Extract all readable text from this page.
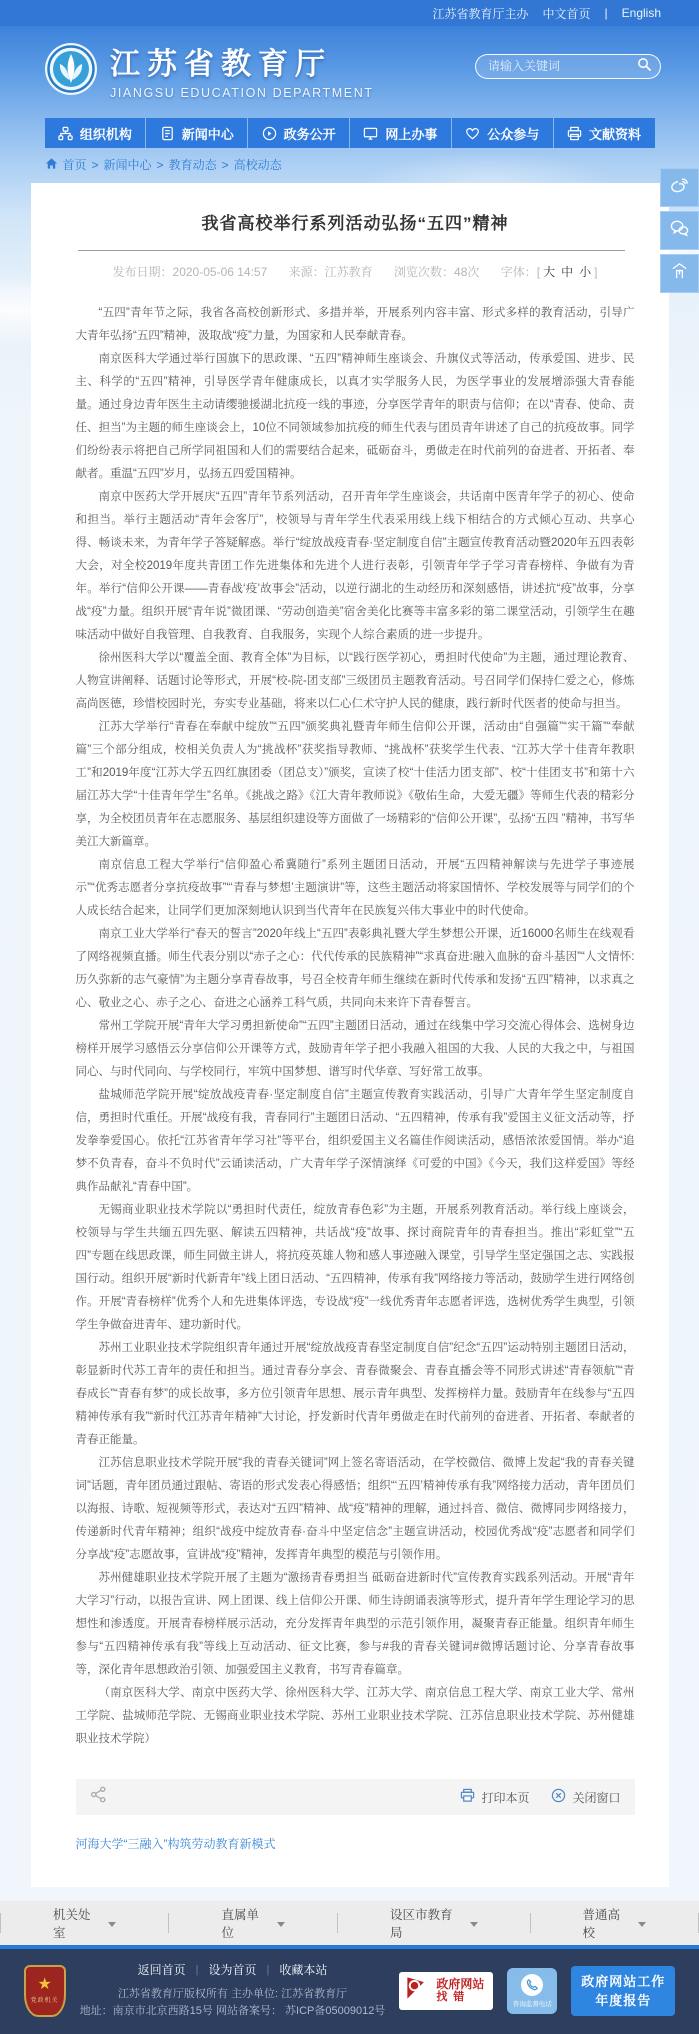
江苏省教育厅主办 中文首页 | English
江苏省教育厅
JIANGSU EDUCATION DEPARTMENT
请输入关键词
组织机构	新闻中心	政务公开	网上办事	公众参与	文献资料
首页 > 新闻中心 > 教育动态 > 高校动态
我省高校举行系列活动弘扬“五四”精神
发布日期：2020-05-06 14:57 来源：江苏教育 浏览次数：48次 字体：[ 大 中 小 ]

“五四”青年节之际，我省各高校创新形式、多措并举，开展系列内容丰富、形式多样的教育活动，引导广大青年弘扬“五四”精神，汲取战“疫”力量，为国家和人民奉献青春。

南京医科大学通过举行国旗下的思政课、“五四”精神师生座谈会、升旗仪式等活动，传承爱国、进步、民主、科学的“五四”精神，引导医学青年健康成长，以真才实学服务人民，为医学事业的发展增添强大青春能量。通过身边青年医生主动请缨驰援湖北抗疫一线的事迹，分享医学青年的职责与信仰；在以“青春、使命、责任、担当”为主题的师生座谈会上，10位不同领域参加抗疫的师生代表与团员青年讲述了自己的抗疫故事。同学们纷纷表示将把自己所学同祖国和人们的需要结合起来，砥砺奋斗，勇做走在时代前列的奋进者、开拓者、奉献者。重温“五四”岁月，弘扬五四爱国精神。

南京中医药大学开展庆“五四”青年节系列活动，召开青年学生座谈会，共话南中医青年学子的初心、使命和担当。举行主题活动“青年会客厅”，校领导与青年学生代表采用线上线下相结合的方式倾心互动、共享心得、畅谈未来，为青年学子答疑解惑。举行“绽放战疫青春·坚定制度自信”主题宣传教育活动暨2020年五四表彰大会，对全校2019年度共青团工作先进集体和先进个人进行表彰，引领青年学子学习青春榜样、争做有为青年。举行“信仰公开课——青春战‘疫’故事会”活动，以逆行湖北的生动经历和深刻感悟，讲述抗“疫”故事，分享战“疫”力量。组织开展“青年说”微团课、“劳动创造美”宿舍美化比赛等丰富多彩的第二课堂活动，引领学生在趣味活动中做好自我管理、自我教育、自我服务，实现个人综合素质的进一步提升。

徐州医科大学以“覆盖全面、教育全体”为目标，以“践行医学初心，勇担时代使命”为主题，通过理论教育、人物宣讲阐释、话题讨论等形式，开展“校-院-团支部”三级团员主题教育活动。号召同学们保持仁爱之心，修炼高尚医德，珍惜校园时光，夯实专业基础，将来以仁心仁术守护人民的健康，践行新时代医者的使命与担当。

江苏大学举行“青春在奉献中绽放”“五四”颁奖典礼暨青年师生信仰公开课，活动由“自强篇”“实干篇”“奉献篇”三个部分组成，校相关负责人为“挑战杯”获奖指导教师、“挑战杯”获奖学生代表、“江苏大学十佳青年教职工”和2019年度“江苏大学五四红旗团委（团总支）”颁奖，宣读了校“十佳活力团支部”、校“十佳团支书”和第十六届江苏大学“十佳青年学生”名单。《挑战之路》《江大青年教师说》《敬佑生命，大爱无疆》等师生代表的精彩分享，为全校团员青年在志愿服务、基层组织建设等方面做了一场精彩的“信仰公开课”，弘扬“五四 ”精神，书写华美江大新篇章。

南京信息工程大学举行“信仰盈心希冀随行”系列主题团日活动，开展“五四精神解读与先进学子事迹展示”“优秀志愿者分享抗疫故事”“‘青春与梦想’主题演讲”等，这些主题活动将家国情怀、学校发展等与同学们的个人成长结合起来，让同学们更加深刻地认识到当代青年在民族复兴伟大事业中的时代使命。

南京工业大学举行“春天的誓言”2020年线上“五四”表彰典礼暨大学生梦想公开课，近16000名师生在线观看了网络视频直播。师生代表分别以“赤子之心：代代传承的民族精神”“求真奋进:融入血脉的奋斗基因”“人文情怀:历久弥新的志气豪情”为主题分享青春故事，号召全校青年师生继续在新时代传承和发扬“五四”精神，以求真之心、敬业之心、赤子之心、奋进之心涵养工科气质，共同向未来许下青春誓言。

常州工学院开展“青年大学习勇担新使命”“五四”主题团日活动，通过在线集中学习交流心得体会、选树身边榜样开展学习感悟云分享信仰公开课等方式，鼓励青年学子把小我融入祖国的大我、人民的大我之中，与祖国同心、与时代同向、与学校同行，牢筑中国梦想、谱写时代华章、写好常工故事。

盐城师范学院开展“绽放战疫青春·坚定制度自信”主题宣传教育实践活动，引导广大青年学生坚定制度自信，勇担时代重任。开展“战疫有我，青春同行”主题团日活动、“五四精神，传承有我”爱国主义征文活动等，抒发拳拳爱国心。依托“江苏省青年学习社”等平台，组织爱国主义名篇佳作阅读活动，感悟浓浓爱国情。举办“追梦不负青春，奋斗不负时代”云诵读活动，广大青年学子深情演绎《可爱的中国》《今天，我们这样爱国》等经典作品献礼“青春中国”。

无锡商业职业技术学院以“勇担时代责任，绽放青春色彩”为主题，开展系列教育活动。举行线上座谈会，校领导与学生共缅五四先驱、解读五四精神，共话战“疫”故事、探讨商院青年的青春担当。推出“彩虹堂”“五四”专题在线思政课，师生同做主讲人，将抗疫英雄人物和感人事迹融入课堂，引导学生坚定强国之志、实践报国行动。组织开展“新时代新青年”线上团日活动、“五四精神，传承有我”网络接力等活动，鼓励学生进行网络创作。开展“青春榜样”优秀个人和先进集体评选，专设战“疫”一线优秀青年志愿者评选，选树优秀学生典型，引领学生争做奋进青年、建功新时代。

苏州工业职业技术学院组织青年通过开展“绽放战疫青春坚定制度自信”纪念“五四”运动特别主题团日活动，彰显新时代苏工青年的责任和担当。通过青春分享会、青春微聚会、青春直播会等不同形式讲述“青春领航”“青春成长”“青春有梦”的成长故事，多方位引领青年思想、展示青年典型、发挥榜样力量。鼓励青年在线参与“五四精神传承有我”“新时代江苏青年精神”大讨论，抒发新时代青年勇做走在时代前列的奋进者、开拓者、奉献者的青春正能量。

江苏信息职业技术学院开展“我的青春关键词”网上签名寄语活动，在学校微信、微博上发起“我的青春关键词”话题，青年团员通过跟帖、寄语的形式发表心得感悟；组织“‘五四’精神传承有我”网络接力活动，青年团员们以海报、诗歌、短视频等形式，表达对“五四”精神、战“疫”精神的理解，通过抖音、微信、微博同步网络接力，传递新时代青年精神；组织“战疫中绽放青春·奋斗中坚定信念”主题宣讲活动，校园优秀战“疫”志愿者和同学们分享战“疫”志愿故事，宣讲战“疫”精神，发挥青年典型的模范与引领作用。

苏州健雄职业技术学院开展了主题为“激扬青春勇担当 砥砺奋进新时代”宣传教育实践系列活动。开展“青年大学习”行动，以报告宣讲、网上团课、线上信仰公开课、师生诗朗诵表演等形式，提升青年学生理论学习的思想性和渗透度。开展青春榜样展示活动，充分发挥青年典型的示范引领作用，凝聚青春正能量。组织青年师生参与“五四精神传承有我”等线上互动活动、征文比赛，参与#我的青春关键词#微博话题讨论、分享青春故事等，深化青年思想政治引领、加强爱国主义教育，书写青春篇章。

（南京医科大学、南京中医药大学、徐州医科大学、江苏大学、南京信息工程大学、南京工业大学、常州工学院、盐城师范学院、无锡商业职业技术学院、苏州工业职业技术学院、江苏信息职业技术学院、苏州健雄职业技术学院）

打印本页	关闭窗口
河海大学“三融入”构筑劳动教育新模式
机关处室
直属单位
设区市教育局
普通高校
★
党政机关
返回首页 | 设为首页 | 收藏本站
江苏省教育厅版权所有 主办单位: 江苏省教育厅
地址：南京市北京西路15号 网站备案号： 苏ICP备05009012号
政府网站
找错
咨询监督电话
政府网站工作
年度报告
